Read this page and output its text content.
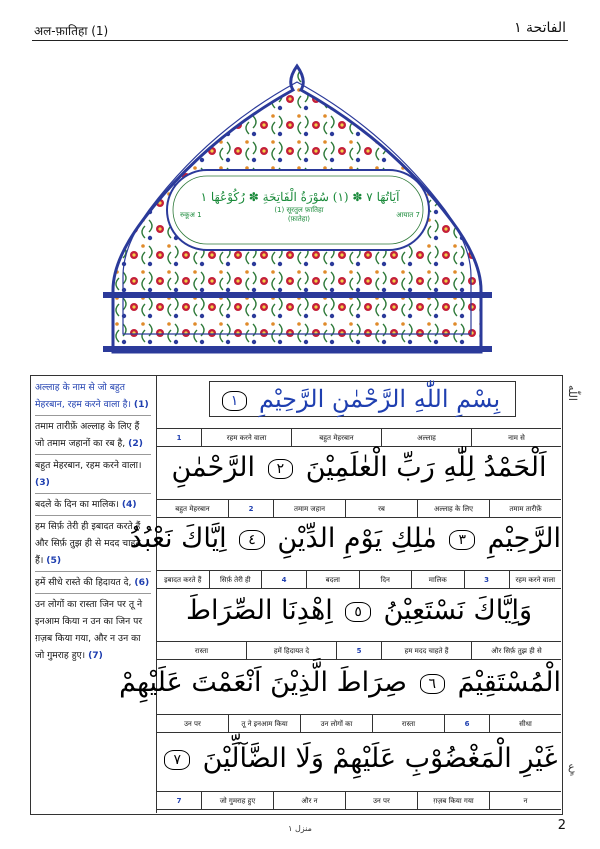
अल-फ़ातिहा (1)	الفاتحة ١
آيَاتُهَا ٧ ✽ (١) سُوْرَةُ الْفَاتِحَةِ ✽ رُكُوْعُهَا ١
रुकूअ 1
(1) सूरतुल फ़ातिहा
(फ़ातेहा)
आयात 7

अल्लाह के नाम से जो बहुत मेहरबान, रहम करने वाला है। (1)

तमाम तारीफ़ें अल्लाह के लिए हैं जो तमाम जहानों का रब है, (2)

बहुत मेहरबान, रहम करने वाला। (3)

बदले के दिन का मालिक। (4)

हम सिर्फ़ तेरी ही इबादत करते हैं और सिर्फ़ तुझ ही से मदद चाहते हैं। (5)

हमें सीधे रास्ते की हिदायत दे, (6)

उन लोगों का रास्ता जिन पर तू ने इनआम किया न उन का जिन पर ग़ज़ब किया गया, और न उन का जो गुमराह हुए। (7)

اللّٰه
عٍ
بِسْمِ اللّٰهِ الرَّحْمٰنِ الرَّحِيْمِ ١
नाम से
अल्लाह
बहुत मेहरबान
रहम करने वाला
1
اَلْحَمْدُ لِلّٰهِ رَبِّ الْعٰلَمِيْنَ ٢ الرَّحْمٰنِ
तमाम तारीफ़ें
अल्लाह के लिए
रब
तमाम जहान
2
बहुत मेहरबान
الرَّحِيْمِ ٣ مٰلِكِ يَوْمِ الدِّيْنِ ٤ اِيَّاكَ نَعْبُدُ
रहम करने वाला
3
मालिक
दिन
बदला
4
सिर्फ़ तेरी ही
इबादत करते हैं
وَاِيَّاكَ نَسْتَعِيْنُ ٥ اِهْدِنَا الصِّرَاطَ
और सिर्फ़ तुझ ही से
हम मदद चाहते हैं
5
हमें हिदायत दे
रास्ता
الْمُسْتَقِيْمَ ٦ صِرَاطَ الَّذِيْنَ اَنْعَمْتَ عَلَيْهِمْ
सीधा
6
रास्ता
उन लोगों का
तू ने इनआम किया
उन पर
غَيْرِ الْمَغْضُوْبِ عَلَيْهِمْ وَلَا الضَّآلِّيْنَ ٧
न
ग़ज़ब किया गया
उन पर
और न
जो गुमराह हुए
7
منزل ١	2
